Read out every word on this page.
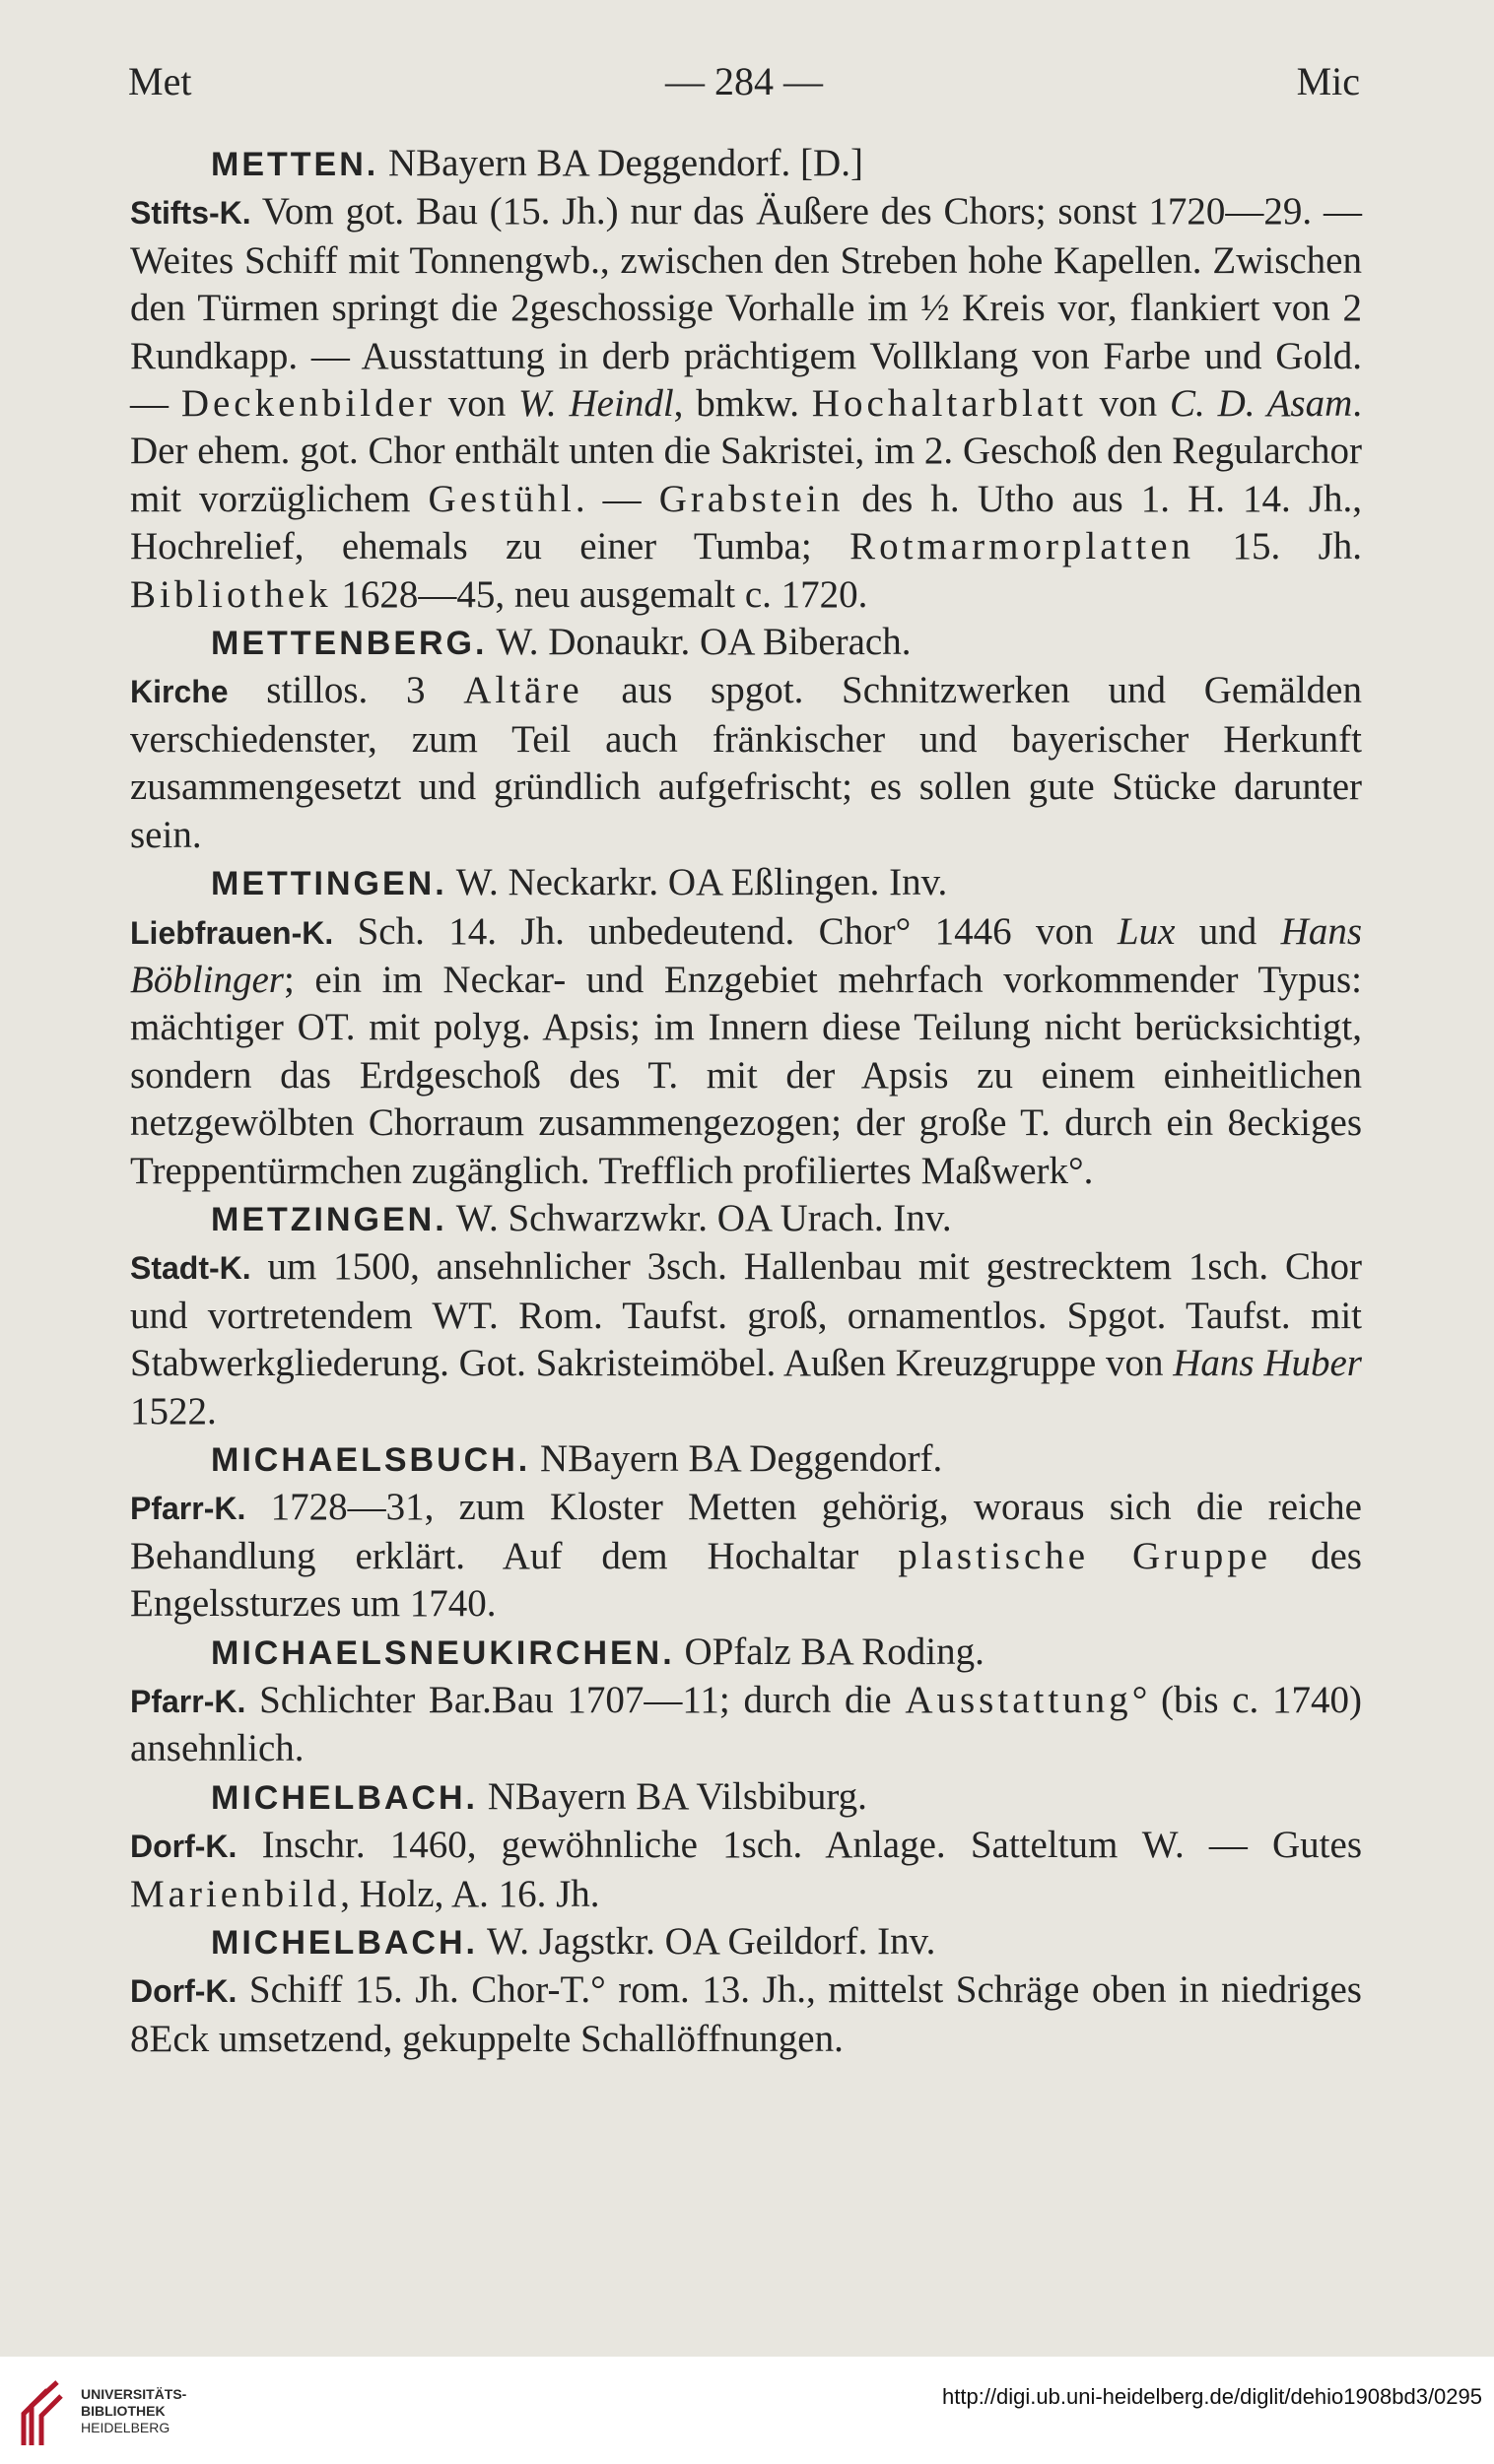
Met	— 284 —	Mic

METTEN. NBayern BA Deggendorf. [D.]

Stifts-K. Vom got. Bau (15. Jh.) nur das Äußere des Chors; sonst 1720—29. — Weites Schiff mit Tonnengwb., zwischen den Streben hohe Kapellen. Zwischen den Türmen springt die 2geschossige Vorhalle im ½ Kreis vor, flankiert von 2 Rundkapp. — Ausstattung in derb prächtigem Vollklang von Farbe und Gold. — Deckenbilder von W. Heindl, bmkw. Hochaltarblatt von C. D. Asam. Der ehem. got. Chor enthält unten die Sakristei, im 2. Geschoß den Regularchor mit vorzüglichem Gestühl. — Grabstein des h. Utho aus 1. H. 14. Jh., Hochrelief, ehemals zu einer Tumba; Rotmarmorplatten 15. Jh. Bibliothek 1628—45, neu ausgemalt c. 1720.

METTENBERG. W. Donaukr. OA Biberach.

Kirche stillos. 3 Altäre aus spgot. Schnitzwerken und Gemälden verschiedenster, zum Teil auch fränkischer und bayerischer Herkunft zusammengesetzt und gründlich aufgefrischt; es sollen gute Stücke darunter sein.

METTINGEN. W. Neckarkr. OA Eßlingen. Inv.

Liebfrauen-K. Sch. 14. Jh. unbedeutend. Chor° 1446 von Lux und Hans Böblinger; ein im Neckar- und Enzgebiet mehrfach vorkommender Typus: mächtiger OT. mit polyg. Apsis; im Innern diese Teilung nicht berücksichtigt, sondern das Erdgeschoß des T. mit der Apsis zu einem einheitlichen netzgewölbten Chorraum zusammengezogen; der große T. durch ein 8eckiges Treppentürmchen zugänglich. Trefflich profiliertes Maßwerk°.

METZINGEN. W. Schwarzwkr. OA Urach. Inv.

Stadt-K. um 1500, ansehnlicher 3sch. Hallenbau mit gestrecktem 1sch. Chor und vortretendem WT. Rom. Taufst. groß, ornamentlos. Spgot. Taufst. mit Stabwerkgliederung. Got. Sakristeimöbel. Außen Kreuzgruppe von Hans Huber 1522.

MICHAELSBUCH. NBayern BA Deggendorf.

Pfarr-K. 1728—31, zum Kloster Metten gehörig, woraus sich die reiche Behandlung erklärt. Auf dem Hochaltar plastische Gruppe des Engelssturzes um 1740.

MICHAELSNEUKIRCHEN. OPfalz BA Roding.

Pfarr-K. Schlichter Bar.Bau 1707—11; durch die Ausstattung° (bis c. 1740) ansehnlich.

MICHELBACH. NBayern BA Vilsbiburg.

Dorf-K. Inschr. 1460, gewöhnliche 1sch. Anlage. Satteltum W. — Gutes Marienbild, Holz, A. 16. Jh.

MICHELBACH. W. Jagstkr. OA Geildorf. Inv.

Dorf-K. Schiff 15. Jh. Chor-T.° rom. 13. Jh., mittelst Schräge oben in niedriges 8Eck umsetzend, gekuppelte Schallöffnungen.

UNIVERSITÄTS-
BIBLIOTHEK
HEIDELBERG
http://digi.ub.uni-heidelberg.de/diglit/dehio1908bd3/0295
